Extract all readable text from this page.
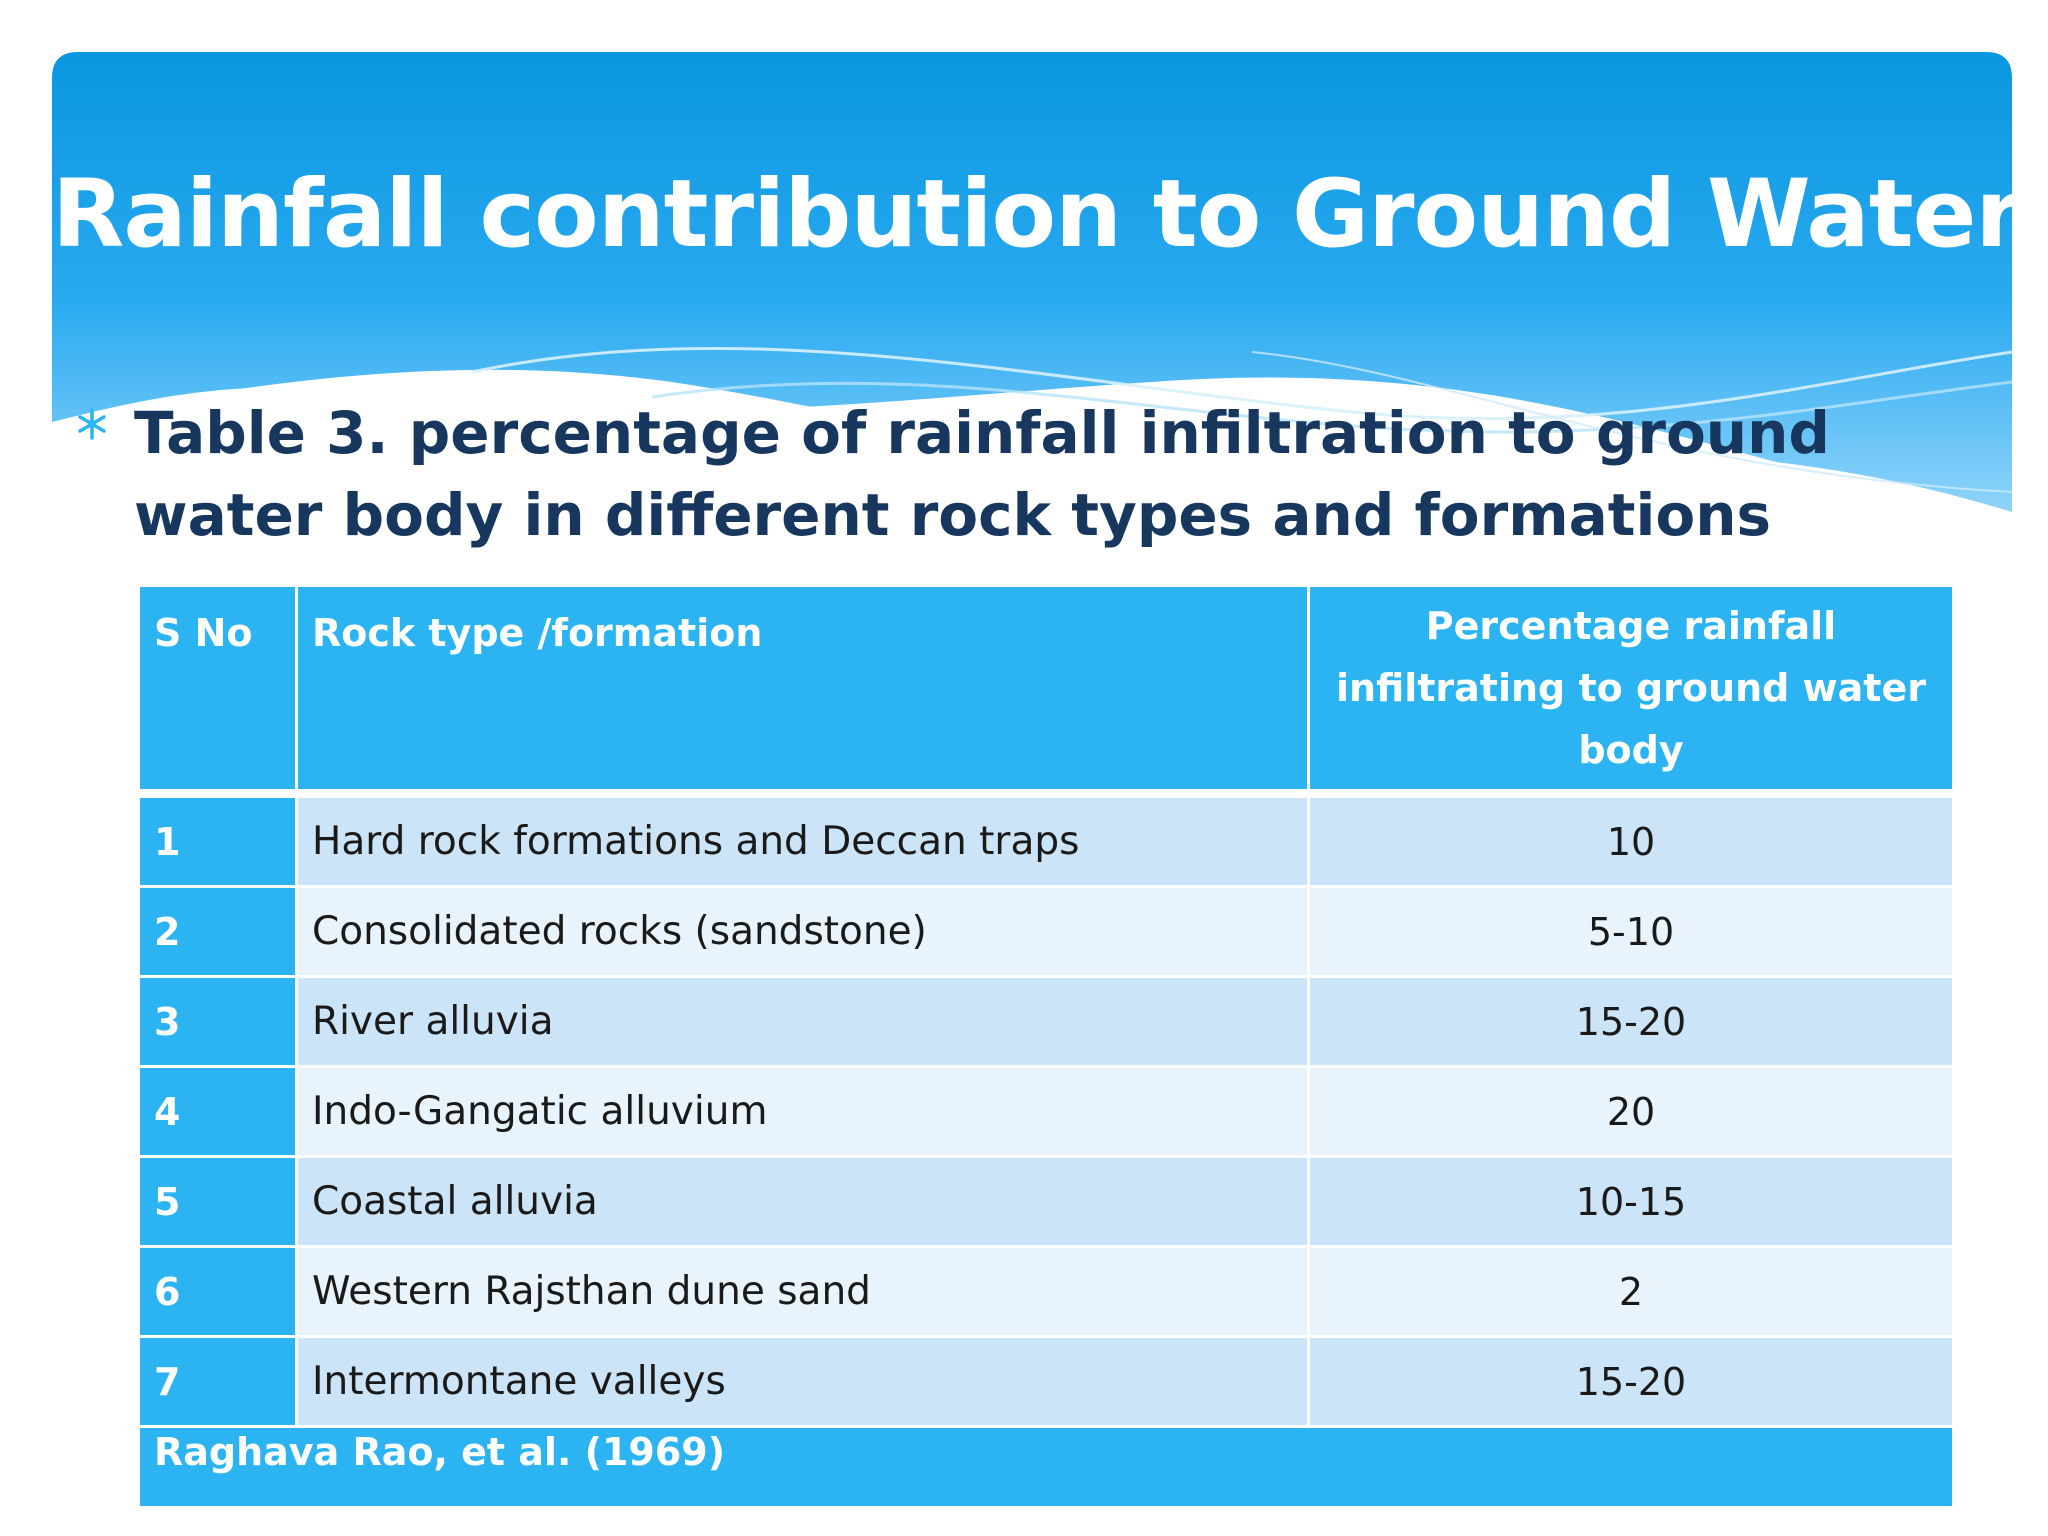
Rainfall contribution to Ground Water

Table 3. percentage of rainfall infiltration to ground water body in different rock types and formations

S No	Rock type /formation	Percentage rainfall infiltrating to ground water body
1	Hard rock formations and Deccan traps	10
2	Consolidated rocks (sandstone)	5-10
3	River alluvia	15-20
4	Indo-Gangatic alluvium	20
5	Coastal alluvia	10-15
6	Western Rajsthan dune sand	2
7	Intermontane valleys	15-20
Raghava Rao, et al. (1969)		
